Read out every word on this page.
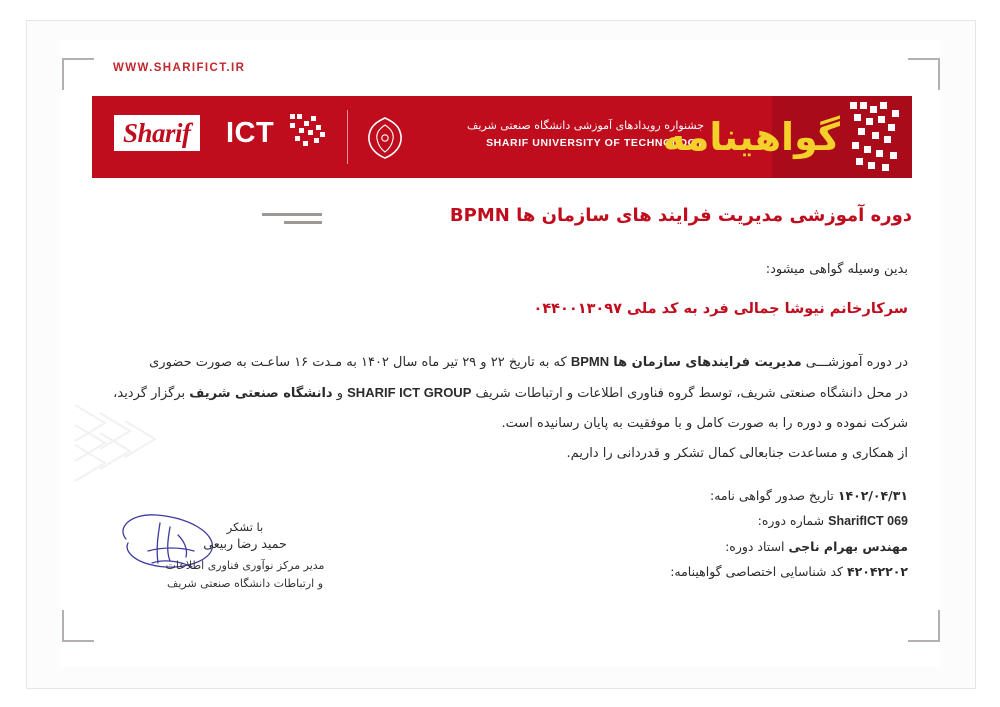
WWW.SHARIFICT.IR
Sharif	ICT	جشنواره رویدادهای آموزشی دانشگاه صنعتی شریف
SHARIF UNIVERSITY OF TECHNOLOGY
گواهینامه
دوره آموزشی مدیریت فرایند های سازمان ها BPMN
بدین وسیله گواهی میشود:
سرکارخانم نیوشا جمالی فرد به کد ملی ۰۴۴۰۰۱۳۰۹۷

در دوره آموزشـــی مدیریت فرایندهای سازمان ها BPMN که به تاریخ ۲۲ و ۲۹ تیر ماه سال ۱۴۰۲ به مـدت ۱۶ ساعـت به صورت حضوری

در محل دانشگاه صنعتی شریف، توسط گروه فناوری اطلاعات و ارتباطات شریف SHARIF ICT GROUP و دانشگاه صنعتی شریف برگزار گردید،

شرکت نموده و دوره را به صورت کامل و با موفقیت به پایان رسانیده است.

از همکاری و مساعدت جنابعالی کمال تشکر و قدردانی را داریم.

۱۴۰۲/۰۴/۳۱ تاریخ صدور گواهی نامه:
SharifICT 069 شماره دوره:
مهندس بهرام ناجی استاد دوره:
۴۲۰۴۲۲۰۲ کد شناسایی اختصاصی گواهینامه:
با تشکر
حمید رضا ربیعی
مدیر مرکز نوآوری فناوری اطلاعات
و ارتباطات دانشگاه صنعتی شریف
